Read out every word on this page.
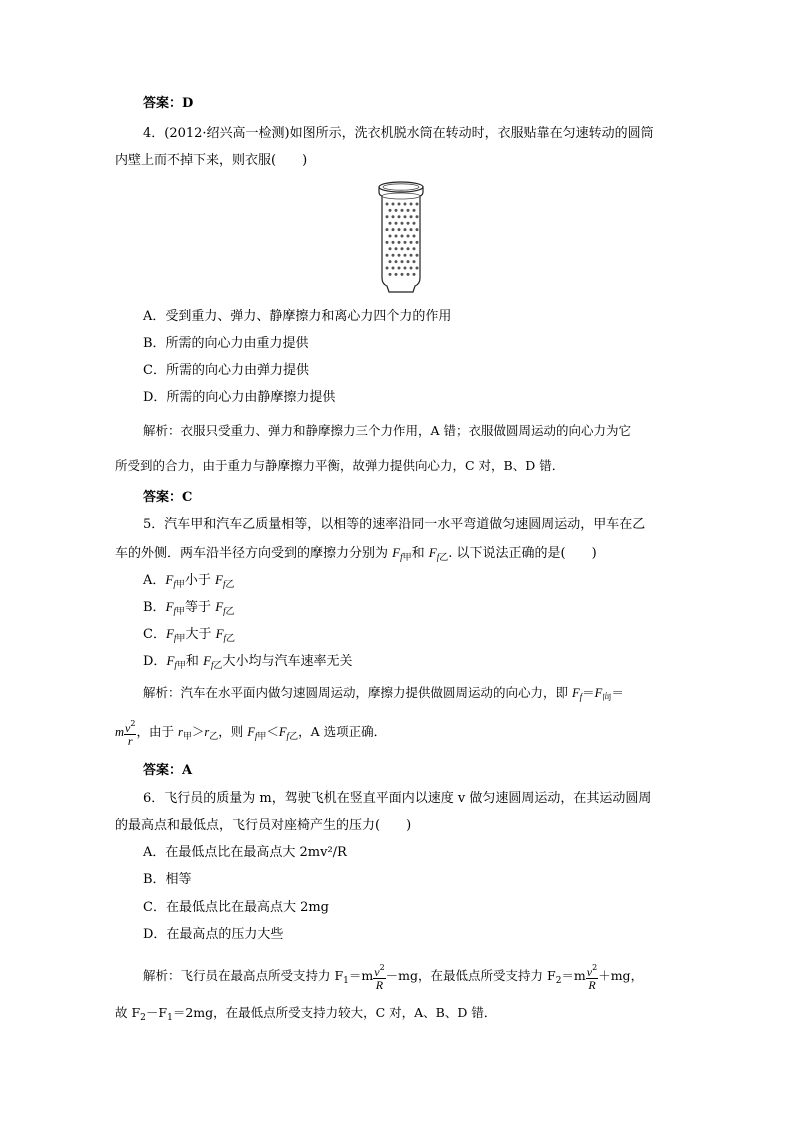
答案：D
4．(2012·绍兴高一检测)如图所示，洗衣机脱水筒在转动时，衣服贴靠在匀速转动的圆筒
内壁上而不掉下来，则衣服(　　)
A．受到重力、弹力、静摩擦力和离心力四个力的作用
B．所需的向心力由重力提供
C．所需的向心力由弹力提供
D．所需的向心力由静摩擦力提供
解析：衣服只受重力、弹力和静摩擦力三个力作用，A 错；衣服做圆周运动的向心力为它
所受到的合力，由于重力与静摩擦力平衡，故弹力提供向心力，C 对，B、D 错．
答案：C
5．汽车甲和汽车乙质量相等，以相等的速率沿同一水平弯道做匀速圆周运动，甲车在乙
车的外侧．两车沿半径方向受到的摩擦力分别为 $F_{f甲}$和 $F_{f乙}$. 以下说法正确的是(　　)
A．$F_{f甲}$小于 $F_{f乙}$
B．$F_{f甲}$等于 $F_{f乙}$
C．$F_{f甲}$大于 $F_{f乙}$
D．$F_{f甲}$和 $F_{f乙}$大小均与汽车速率无关
解析：汽车在水平面内做匀速圆周运动，摩擦力提供做圆周运动的向心力，即 $F_f=F_向=$
m $\frac{v^2}{r}$ ，由于 $r_甲>r_乙$，则 $F_{f甲}<F_{f乙}$，A 选项正确．
答案：A
6．飞行员的质量为 m，驾驶飞机在竖直平面内以速度 v 做匀速圆周运动，在其运动圆周
的最高点和最低点，飞行员对座椅产生的压力(　　)
A．在最低点比在最高点大 2mv²/R
B．相等
C．在最低点比在最高点大 2mg
D．在最高点的压力大些
解析：飞行员在最高点所受支持力 $F_1=m \frac{v^2}{R} -mg$，在最低点所受支持力 $F_2=m \frac{v^2}{R} +mg$，
故 $F_2-F_1=2mg$，在最低点所受支持力较大，C 对，A、B、D 错．
